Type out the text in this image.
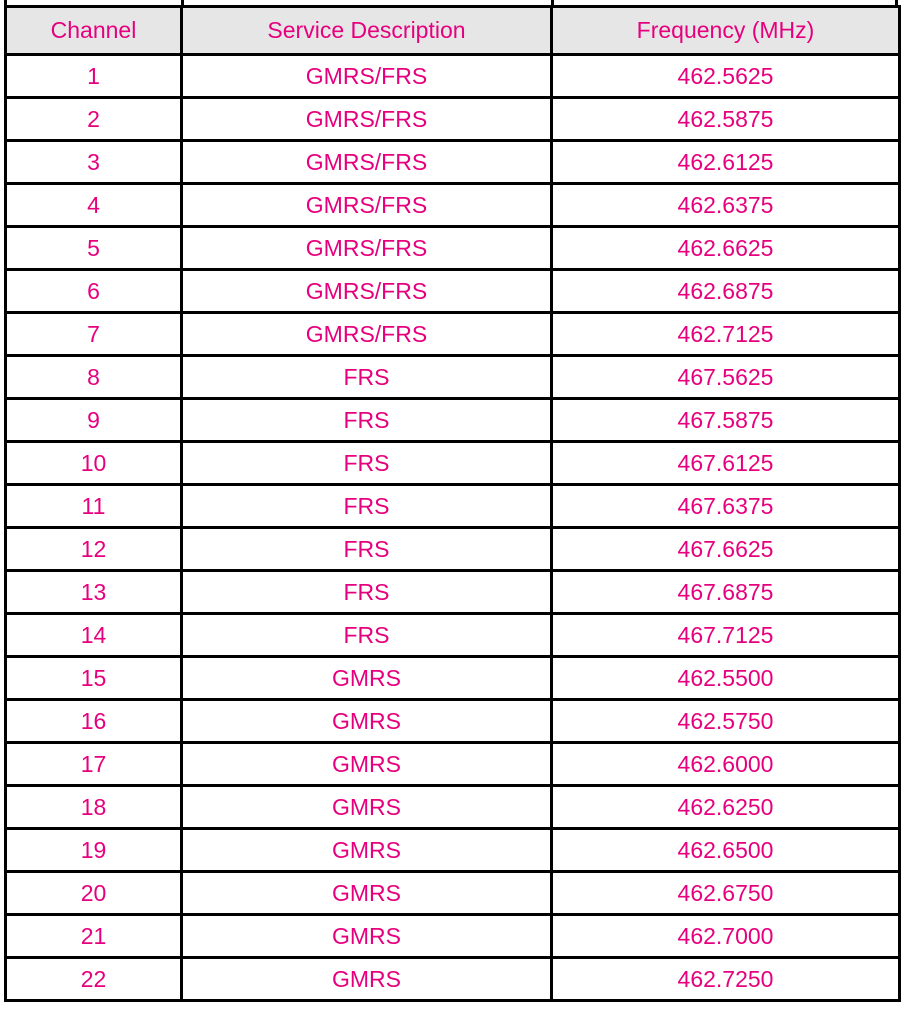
Channel	Service Description	Frequency (MHz)
1	GMRS/FRS	462.5625
2	GMRS/FRS	462.5875
3	GMRS/FRS	462.6125
4	GMRS/FRS	462.6375
5	GMRS/FRS	462.6625
6	GMRS/FRS	462.6875
7	GMRS/FRS	462.7125
8	FRS	467.5625
9	FRS	467.5875
10	FRS	467.6125
11	FRS	467.6375
12	FRS	467.6625
13	FRS	467.6875
14	FRS	467.7125
15	GMRS	462.5500
16	GMRS	462.5750
17	GMRS	462.6000
18	GMRS	462.6250
19	GMRS	462.6500
20	GMRS	462.6750
21	GMRS	462.7000
22	GMRS	462.7250
